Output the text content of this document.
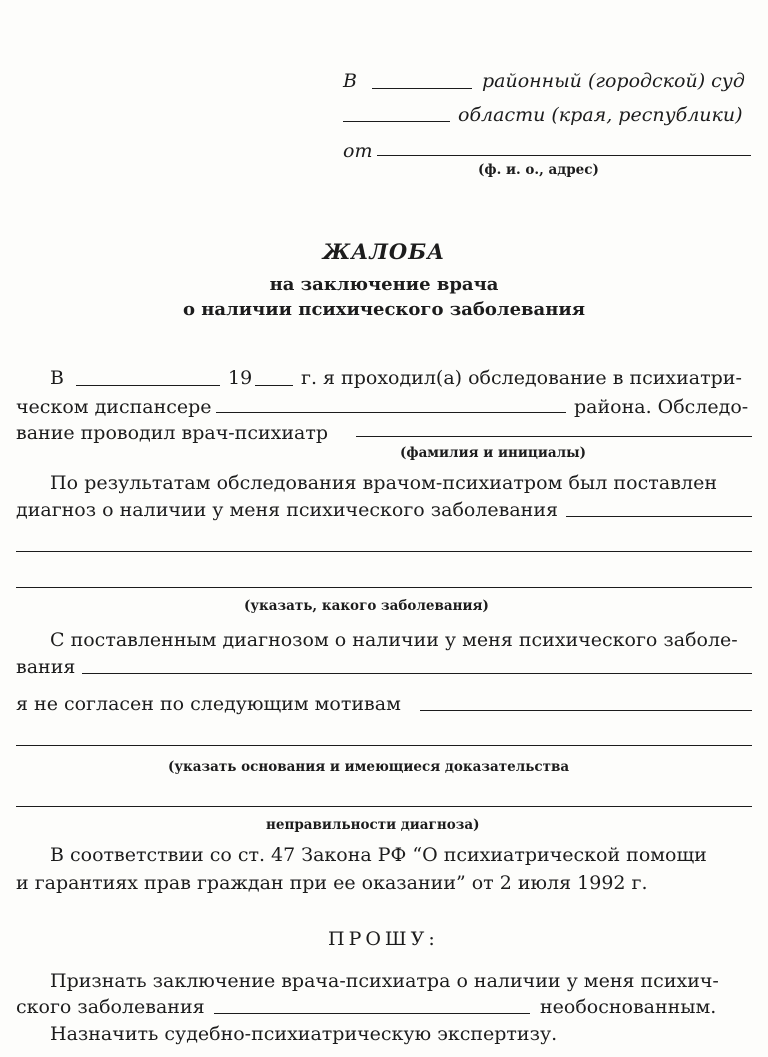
В	районный (городской) суд
области (края, республики)
от
(ф. и. о., адрес)
ЖАЛОБА
на заключение врача
о наличии психического заболевания
В	19	г. я проходил(а) обследование в психиатри-
ческом диспансере	района. Обследо-
вание проводил врач-психиатр
(фамилия и инициалы)
По результатам обследования врачом-психиатром был поставлен
диагноз о наличии у меня психического заболевания
(указать, какого заболевания)
С поставленным диагнозом о наличии у меня психического заболе-
вания
я не согласен по следующим мотивам
(указать основания и имеющиеся доказательства
неправильности диагноза)
В соответствии со ст. 47 Закона РФ “О психиатрической помощи
и гарантиях прав граждан при ее оказании” от 2 июля 1992 г.
ПРОШУ:
Признать заключение врача-психиатра о наличии у меня психич-
ского заболевания	необоснованным.
Назначить судебно-психиатрическую экспертизу.
